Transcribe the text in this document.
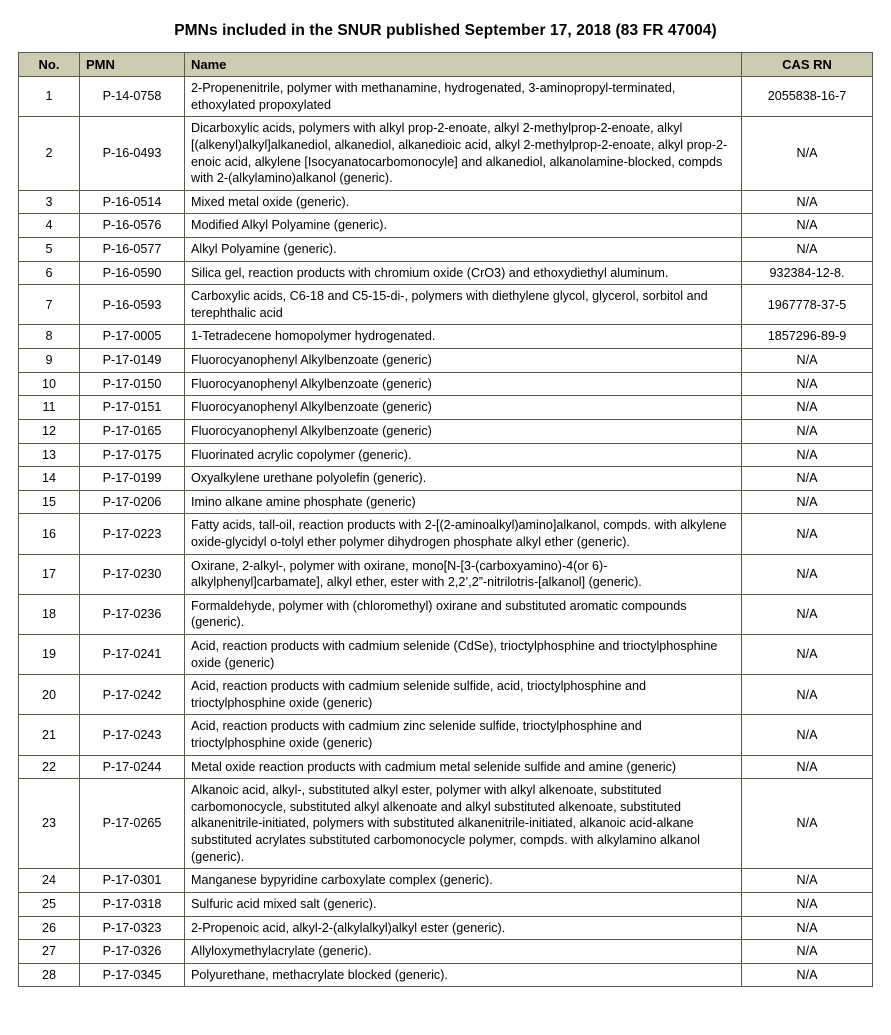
PMNs included in the SNUR published September 17, 2018 (83 FR 47004)
No.	PMN	Name	CAS RN
1	P-14-0758	2-Propenenitrile, polymer with methanamine, hydrogenated, 3-aminopropyl-terminated, ethoxylated propoxylated	2055838-16-7
2	P-16-0493	Dicarboxylic acids, polymers with alkyl prop-2-enoate, alkyl 2-methylprop-2-enoate, alkyl [(alkenyl)alkyl]alkanediol, alkanediol, alkanedioic acid, alkyl 2-methylprop-2-enoate, alkyl prop-2-enoic acid, alkylene [Isocyanatocarbomonocyle] and alkanediol, alkanolamine-blocked, compds with 2-(alkylamino)alkanol (generic).	N/A
3	P-16-0514	Mixed metal oxide (generic).	N/A
4	P-16-0576	Modified Alkyl Polyamine (generic).	N/A
5	P-16-0577	Alkyl Polyamine (generic).	N/A
6	P-16-0590	Silica gel, reaction products with chromium oxide (CrO3) and ethoxydiethyl aluminum.	932384-12-8.
7	P-16-0593	Carboxylic acids, C6-18 and C5-15-di-, polymers with diethylene glycol, glycerol, sorbitol and terephthalic acid	1967778-37-5
8	P-17-0005	1-Tetradecene homopolymer hydrogenated.	1857296-89-9
9	P-17-0149	Fluorocyanophenyl Alkylbenzoate (generic)	N/A
10	P-17-0150	Fluorocyanophenyl Alkylbenzoate (generic)	N/A
11	P-17-0151	Fluorocyanophenyl Alkylbenzoate (generic)	N/A
12	P-17-0165	Fluorocyanophenyl Alkylbenzoate (generic)	N/A
13	P-17-0175	Fluorinated acrylic copolymer (generic).	N/A
14	P-17-0199	Oxyalkylene urethane polyolefin (generic).	N/A
15	P-17-0206	Imino alkane amine phosphate (generic)	N/A
16	P-17-0223	Fatty acids, tall-oil, reaction products with 2-[(2-aminoalkyl)amino]alkanol, compds. with alkylene oxide-glycidyl o-tolyl ether polymer dihydrogen phosphate alkyl ether (generic).	N/A
17	P-17-0230	Oxirane, 2-alkyl-, polymer with oxirane, mono[N-[3-(carboxyamino)-4(or 6)-alkylphenyl]carbamate], alkyl ether, ester with 2,2’,2”-nitrilotris-[alkanol] (generic).	N/A
18	P-17-0236	Formaldehyde, polymer with (chloromethyl) oxirane and substituted aromatic compounds (generic).	N/A
19	P-17-0241	Acid, reaction products with cadmium selenide (CdSe), trioctylphosphine and trioctylphosphine oxide (generic)	N/A
20	P-17-0242	Acid, reaction products with cadmium selenide sulfide, acid, trioctylphosphine and trioctylphosphine oxide (generic)	N/A
21	P-17-0243	Acid, reaction products with cadmium zinc selenide sulfide, trioctylphosphine and trioctylphosphine oxide (generic)	N/A
22	P-17-0244	Metal oxide reaction products with cadmium metal selenide sulfide and amine (generic)	N/A
23	P-17-0265	Alkanoic acid, alkyl-, substituted alkyl ester, polymer with alkyl alkenoate, substituted carbomonocycle, substituted alkyl alkenoate and alkyl substituted alkenoate, substituted alkanenitrile-initiated, polymers with substituted alkanenitrile-initiated, alkanoic acid-alkane substituted acrylates substituted carbomonocycle polymer, compds. with alkylamino alkanol (generic).	N/A
24	P-17-0301	Manganese bypyridine carboxylate complex (generic).	N/A
25	P-17-0318	Sulfuric acid mixed salt (generic).	N/A
26	P-17-0323	2-Propenoic acid, alkyl-2-(alkylalkyl)alkyl ester (generic).	N/A
27	P-17-0326	Allyloxymethylacrylate (generic).	N/A
28	P-17-0345	Polyurethane, methacrylate blocked (generic).	N/A
